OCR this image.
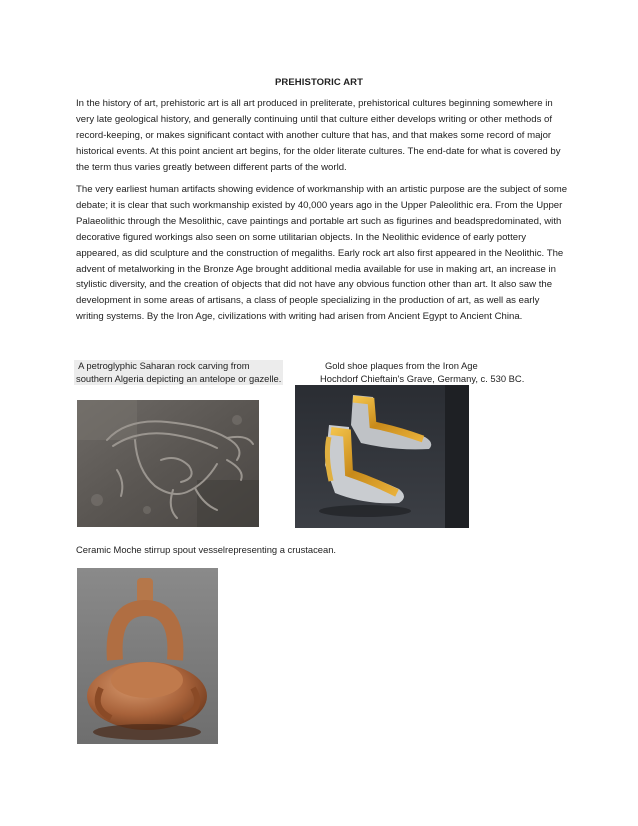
PREHISTORIC ART

In the history of art, prehistoric art is all art produced in preliterate, prehistorical cultures beginning somewhere in very late geological history, and generally continuing until that culture either develops writing or other methods of record-keeping, or makes significant contact with another culture that has, and that makes some record of major historical events. At this point ancient art begins, for the older literate cultures. The end-date for what is covered by the term thus varies greatly between different parts of the world.

The very earliest human artifacts showing evidence of workmanship with an artistic purpose are the subject of some debate; it is clear that such workmanship existed by 40,000 years ago in the Upper Paleolithic era. From the Upper Palaeolithic through the Mesolithic, cave paintings and portable art such as figurines and beadspredominated, with decorative figured workings also seen on some utilitarian objects. In the Neolithic evidence of early pottery appeared, as did sculpture and the construction of megaliths. Early rock art also first appeared in the Neolithic. The advent of metalworking in the Bronze Age brought additional media available for use in making art, an increase in stylistic diversity, and the creation of objects that did not have any obvious function other than art. It also saw the development in some areas of artisans, a class of people specializing in the production of art, as well as early writing systems. By the Iron Age, civilizations with writing had arisen from Ancient Egypt to Ancient China.

A petroglyphic Saharan rock carving from
southern Algeria depicting an antelope or gazelle.
Gold shoe plaques from the Iron Age
Hochdorf Chieftain's Grave, Germany, c. 530 BC.
Ceramic Moche stirrup spout vesselrepresenting a crustacean.
